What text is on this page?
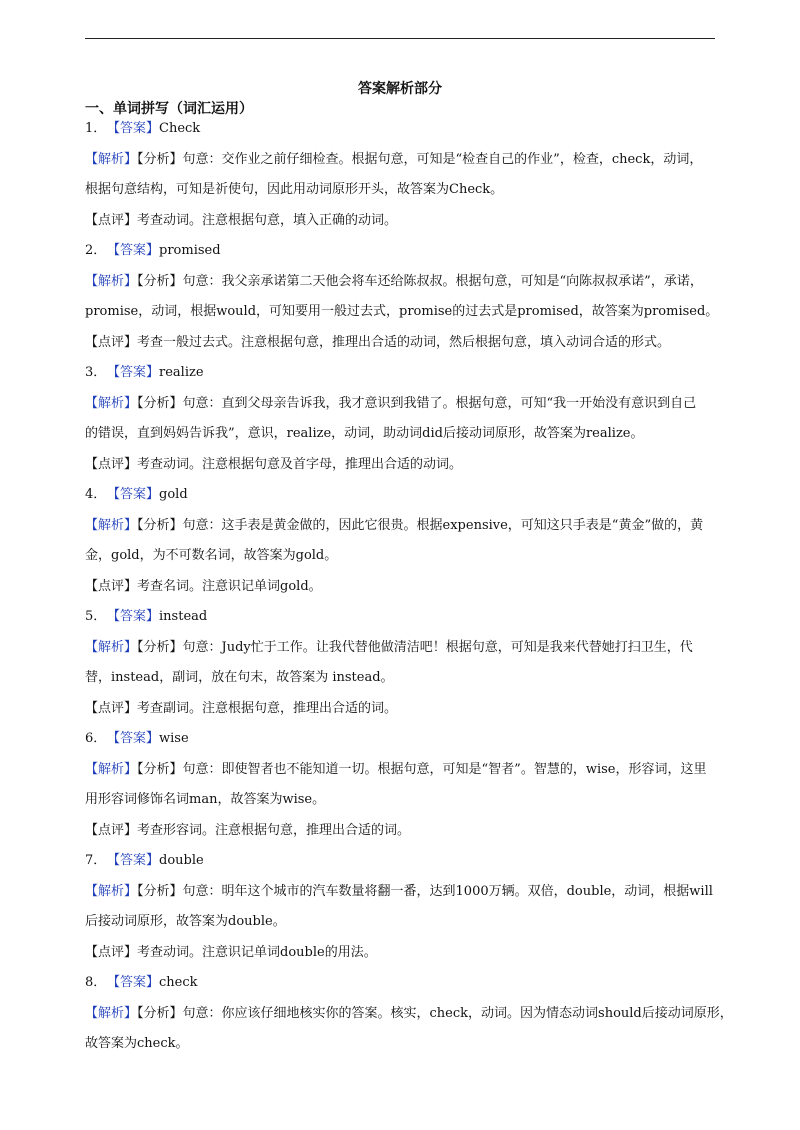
答案解析部分
一、单词拼写（词汇运用）
1．【答案】Check
【解析】【分析】句意：交作业之前仔细检查。根据句意，可知是“检查自己的作业”，检查，check，动词，
根据句意结构，可知是祈使句，因此用动词原形开头，故答案为Check。
【点评】考查动词。注意根据句意，填入正确的动词。
2．【答案】promised
【解析】【分析】句意：我父亲承诺第二天他会将车还给陈叔叔。根据句意，可知是“向陈叔叔承诺”，承诺，
promise，动词，根据would，可知要用一般过去式，promise的过去式是promised，故答案为promised。
【点评】考查一般过去式。注意根据句意，推理出合适的动词，然后根据句意，填入动词合适的形式。
3．【答案】realize
【解析】【分析】句意：直到父母亲告诉我，我才意识到我错了。根据句意，可知“我一开始没有意识到自己
的错误，直到妈妈告诉我”，意识，realize，动词，助动词did后接动词原形，故答案为realize。
【点评】考查动词。注意根据句意及首字母，推理出合适的动词。
4．【答案】gold
【解析】【分析】句意：这手表是黄金做的，因此它很贵。根据expensive，可知这只手表是“黄金”做的，黄
金，gold，为不可数名词，故答案为gold。
【点评】考查名词。注意识记单词gold。
5．【答案】instead
【解析】【分析】句意：Judy忙于工作。让我代替他做清洁吧！根据句意，可知是我来代替她打扫卫生，代
替，instead，副词，放在句末，故答案为 instead。
【点评】考查副词。注意根据句意，推理出合适的词。
6．【答案】wise
【解析】【分析】句意：即使智者也不能知道一切。根据句意，可知是“智者”。智慧的，wise，形容词，这里
用形容词修饰名词man，故答案为wise。
【点评】考查形容词。注意根据句意，推理出合适的词。
7．【答案】double
【解析】【分析】句意：明年这个城市的汽车数量将翻一番，达到1000万辆。双倍，double，动词，根据will
后接动词原形，故答案为double。
【点评】考查动词。注意识记单词double的用法。
8．【答案】check
【解析】【分析】句意：你应该仔细地核实你的答案。核实，check，动词。因为情态动词should后接动词原形，
故答案为check。
